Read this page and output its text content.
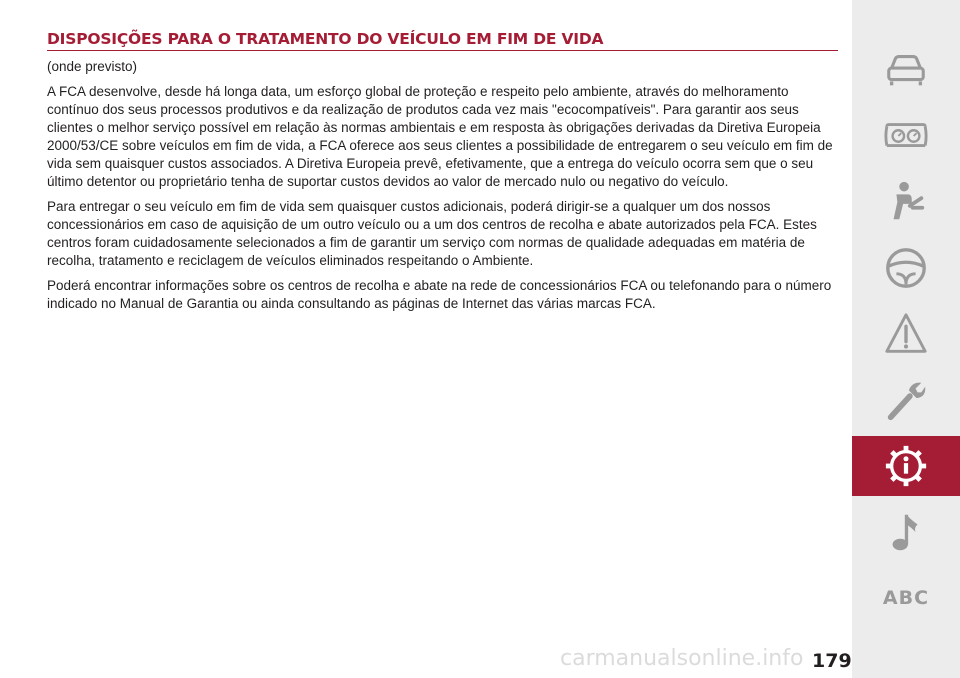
DISPOSIÇÕES PARA O TRATAMENTO DO VEÍCULO EM FIM DE VIDA

(onde previsto)

A FCA desenvolve, desde há longa data, um esforço global de proteção e respeito pelo ambiente, através do melhoramento contínuo dos seus processos produtivos e da realização de produtos cada vez mais "ecocompatíveis". Para garantir aos seus clientes o melhor serviço possível em relação às normas ambientais e em resposta às obrigações derivadas da Diretiva Europeia 2000/53/CE sobre veículos em fim de vida, a FCA oferece aos seus clientes a possibilidade de entregarem o seu veículo em fim de vida sem quaisquer custos associados. A Diretiva Europeia prevê, efetivamente, que a entrega do veículo ocorra sem que o seu último detentor ou proprietário tenha de suportar custos devidos ao valor de mercado nulo ou negativo do veículo.

Para entregar o seu veículo em fim de vida sem quaisquer custos adicionais, poderá dirigir-se a qualquer um dos nossos concessionários em caso de aquisição de um outro veículo ou a um dos centros de recolha e abate autorizados pela FCA. Estes centros foram cuidadosamente selecionados a fim de garantir um serviço com normas de qualidade adequadas em matéria de recolha, tratamento e reciclagem de veículos eliminados respeitando o Ambiente.

Poderá encontrar informações sobre os centros de recolha e abate na rede de concessionários FCA ou telefonando para o número indicado no Manual de Garantia ou ainda consultando as páginas de Internet das várias marcas FCA.

carmanualsonline.info 179
ABC
